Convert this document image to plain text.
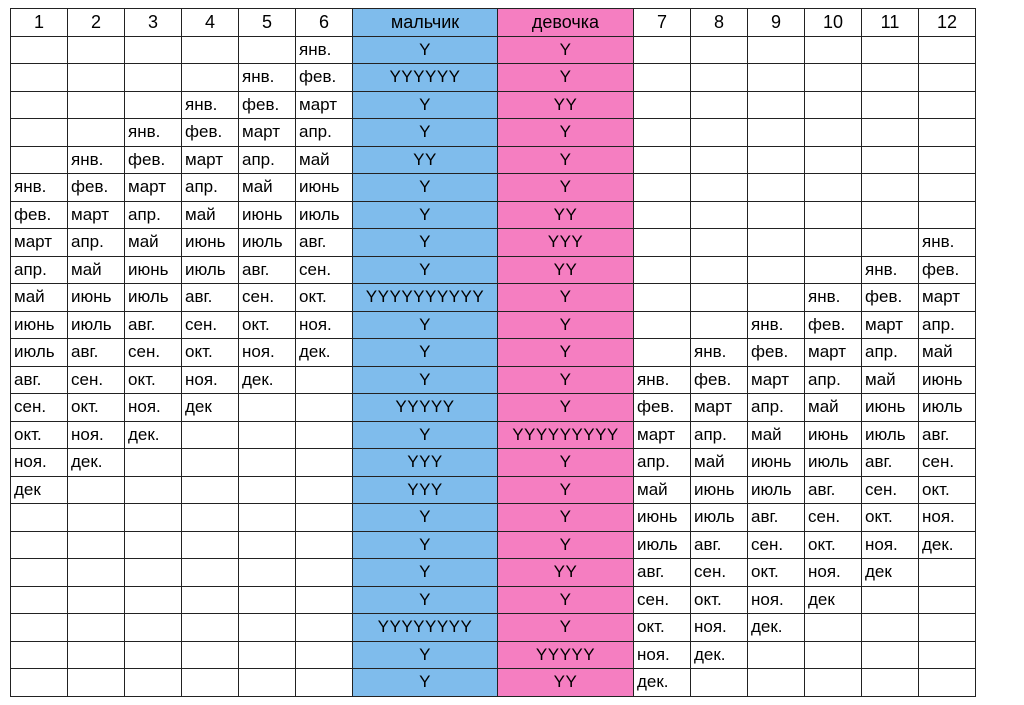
1	2	3	4	5	6	мальчик	девочка	7	8	9	10	11	12
					янв.	Y	Y						
				янв.	фев.	YYYYYY	Y						
			янв.	фев.	март	Y	YY						
		янв.	фев.	март	апр.	Y	Y						
	янв.	фев.	март	апр.	май	YY	Y						
янв.	фев.	март	апр.	май	июнь	Y	Y						
фев.	март	апр.	май	июнь	июль	Y	YY						
март	апр.	май	июнь	июль	авг.	Y	YYY						янв.
апр.	май	июнь	июль	авг.	сен.	Y	YY					янв.	фев.
май	июнь	июль	авг.	сен.	окт.	YYYYYYYYYY	Y				янв.	фев.	март
июнь	июль	авг.	сен.	окт.	ноя.	Y	Y			янв.	фев.	март	апр.
июль	авг.	сен.	окт.	ноя.	дек.	Y	Y		янв.	фев.	март	апр.	май
авг.	сен.	окт.	ноя.	дек.		Y	Y	янв.	фев.	март	апр.	май	июнь
сен.	окт.	ноя.	дек			YYYYY	Y	фев.	март	апр.	май	июнь	июль
окт.	ноя.	дек.				Y	YYYYYYYYY	март	апр.	май	июнь	июль	авг.
ноя.	дек.					YYY	Y	апр.	май	июнь	июль	авг.	сен.
дек						YYY	Y	май	июнь	июль	авг.	сен.	окт.
						Y	Y	июнь	июль	авг.	сен.	окт.	ноя.
						Y	Y	июль	авг.	сен.	окт.	ноя.	дек.
						Y	YY	авг.	сен.	окт.	ноя.	дек	
						Y	Y	сен.	окт.	ноя.	дек		
						YYYYYYYY	Y	окт.	ноя.	дек.			
						Y	YYYYY	ноя.	дек.				
						Y	YY	дек.					
